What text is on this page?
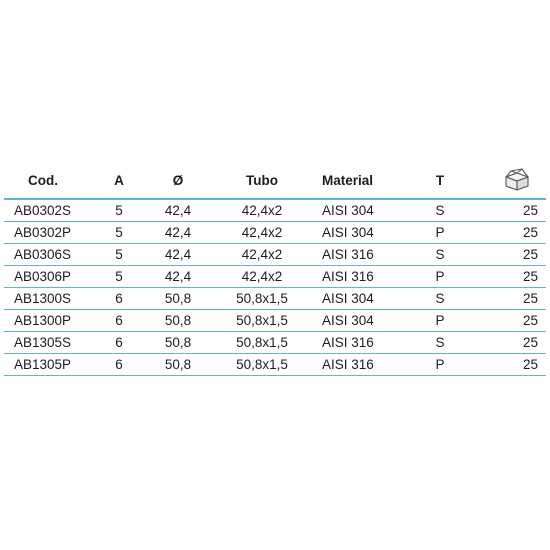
Cod.	A	Ø	Tubo	Material	T
AB0302S	5	42,4	42,4x2	AISI 304	S	25
AB0302P	5	42,4	42,4x2	AISI 304	P	25
AB0306S	5	42,4	42,4x2	AISI 316	S	25
AB0306P	5	42,4	42,4x2	AISI 316	P	25
AB1300S	6	50,8	50,8x1,5	AISI 304	S	25
AB1300P	6	50,8	50,8x1,5	AISI 304	P	25
AB1305S	6	50,8	50,8x1,5	AISI 316	S	25
AB1305P	6	50,8	50,8x1,5	AISI 316	P	25
